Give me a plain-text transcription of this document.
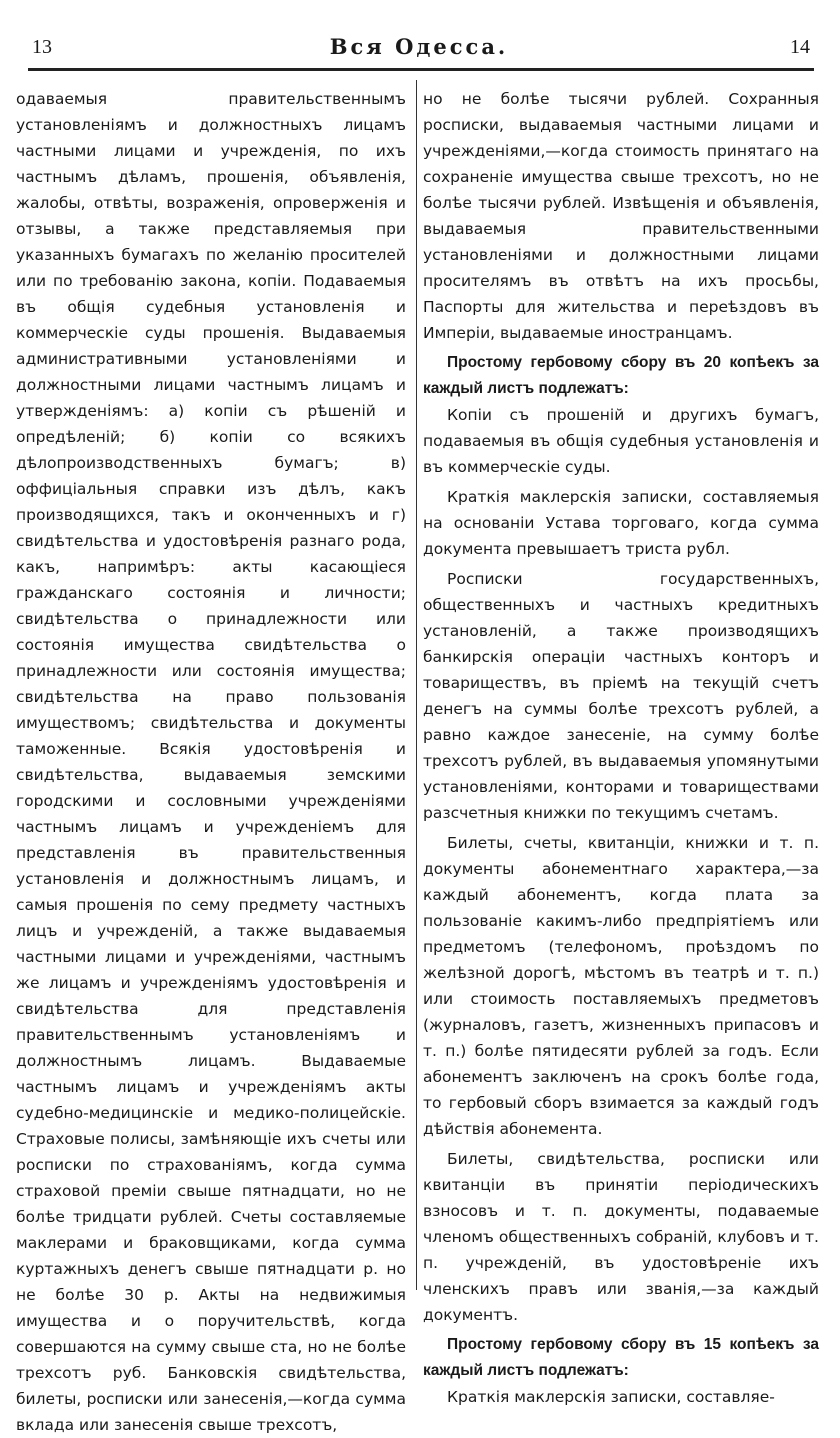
13	Вся Одесса.	14

одаваемыя правительственнымъ установленіямъ и должностныхъ лицамъ частными лицами и учрежденія, по ихъ частнымъ дѣламъ, прошенія, объявленія, жалобы, отвѣты, возраженія, опроверженія и отзывы, а также представляемыя при указанныхъ бумагахъ по желанію просителей или по требованію закона, копіи. Подаваемыя въ общія судебныя установленія и коммерческіе суды прошенія. Выдаваемыя административными установленіями и должностными лицами частнымъ лицамъ и утвержденіямъ: а) копіи съ рѣшеній и опредѣленій; б) копіи со всякихъ дѣлопроизводственныхъ бумагъ; в) оффиціальныя справки изъ дѣлъ, какъ производящихся, такъ и оконченныхъ и г) свидѣтельства и удостовѣренія разнаго рода, какъ, напримѣръ: акты касающіеся гражданскаго состоянія и личности; свидѣтельства о принадлежности или состоянія имущества свидѣтельства о принадлежности или состоянія имущества; свидѣтельства на право пользованія имуществомъ; свидѣтельства и документы таможенные. Всякія удостовѣренія и свидѣтельства, выдаваемыя земскими городскими и сословными учрежденіями частнымъ лицамъ и учрежденіемъ для представленія въ правительственныя установленія и должностнымъ лицамъ, и самыя прошенія по сему предмету частныхъ лицъ и учрежденій, а также выдаваемыя частными лицами и учрежденіями, частнымъ же лицамъ и учрежденіямъ удостовѣренія и свидѣтельства для представленія правительственнымъ установленіямъ и должностнымъ лицамъ. Выдаваемые частнымъ лицамъ и учрежденіямъ акты судебно-медицинскіе и медико-полицейскіе. Страховые полисы, замѣняющіе ихъ счеты или росписки по страхованіямъ, когда сумма страховой преміи свыше пятнадцати, но не болѣе тридцати рублей. Счеты составляемые маклерами и браковщиками, когда сумма куртажныхъ денегъ свыше пятнадцати р. но не болѣе 30 р. Акты на недвижимыя имущества и о поручительствѣ, когда совершаются на сумму свыше ста, но не болѣе трехсотъ руб. Банковскія свидѣтельства, билеты, росписки или занесенія,—когда сумма вклада или занесенія свыше трехсотъ,

но не болѣе тысячи рублей. Сохранныя росписки, выдаваемыя частными лицами и учрежденіями,—когда стоимость принятаго на сохраненіе имущества свыше трехсотъ, но не болѣе тысячи рублей. Извѣщенія и объявленія, выдаваемыя правительственными установленіями и должностными лицами просителямъ въ отвѣтъ на ихъ просьбы, Паспорты для жительства и переѣздовъ въ Имперіи, выдаваемые иностранцамъ.

Простому гербовому сбору въ 20 копѣекъ за каждый листъ подлежатъ:

Копіи съ прошеній и другихъ бумагъ, подаваемыя въ общія судебныя установленія и въ коммерческіе суды.

Краткія маклерскія записки, составляемыя на основаніи Устава торговаго, когда сумма документа превышаетъ триста рубл.

Росписки государственныхъ, общественныхъ и частныхъ кредитныхъ установленій, а также производящихъ банкирскія операціи частныхъ конторъ и товариществъ, въ пріемѣ на текущій счетъ денегъ на суммы болѣе трехсотъ рублей, а равно каждое занесеніе, на сумму болѣе трехсотъ рублей, въ выдаваемыя упомянутыми установленіями, конторами и товариществами разсчетныя книжки по текущимъ счетамъ.

Билеты, счеты, квитанціи, книжки и т. п. документы абонементнаго характера,—за каждый абонементъ, когда плата за пользованіе какимъ-либо предпріятіемъ или предметомъ (телефономъ, проѣздомъ по желѣзной дорогѣ, мѣстомъ въ театрѣ и т. п.) или стоимость поставляемыхъ предметовъ (журналовъ, газетъ, жизненныхъ припасовъ и т. п.) болѣе пятидесяти рублей за годъ. Если абонементъ заключенъ на срокъ болѣе года, то гербовый сборъ взимается за каждый годъ дѣйствія абонемента.

Билеты, свидѣтельства, росписки или квитанціи въ принятіи періодическихъ взносовъ и т. п. документы, подаваемые членомъ общественныхъ собраній, клубовъ и т. п. учрежденій, въ удостовѣреніе ихъ членскихъ правъ или званія,—за каждый документъ.

Простому гербовому сбору въ 15 копѣекъ за каждый листъ подлежатъ:

Краткія маклерскія записки, составляе-
